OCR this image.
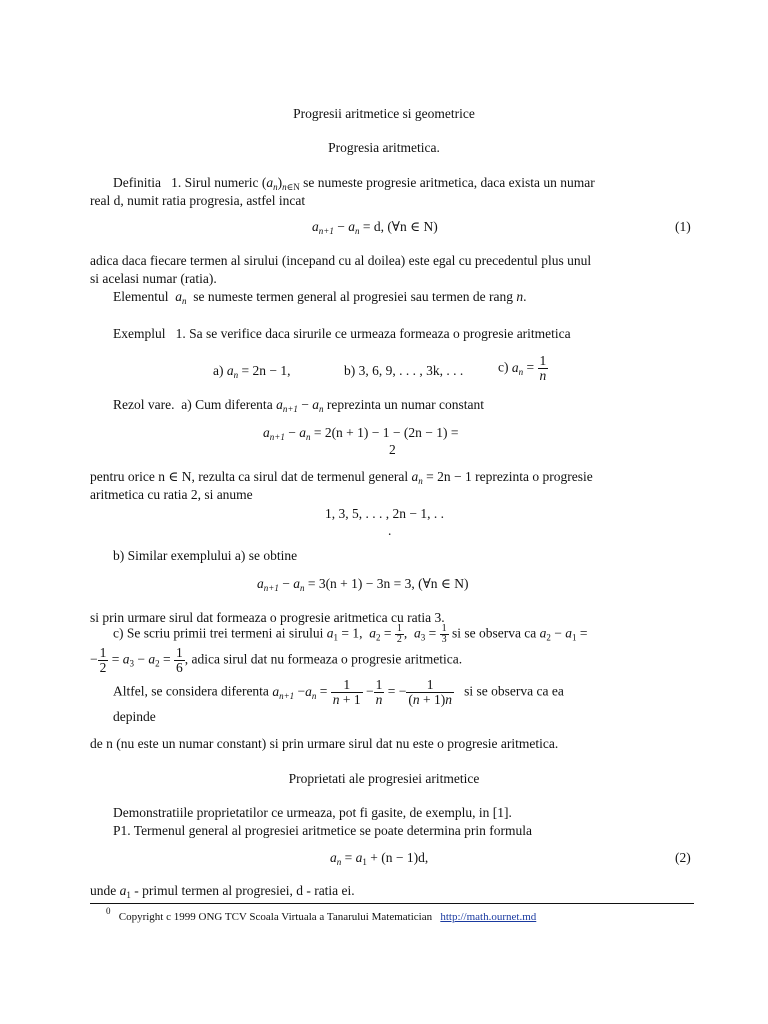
Progresii aritmetice si geometrice
Progresia aritmetica.
Definitia 1. Sirul numeric $(a_n)_{n\in N}$ se numeste progresie aritmetica, daca exista un numar
real d, numit ratia progresia, astfel incat
$a_{n+1} - a_n = d$, (∀n ∈ N)	(1)
adica daca fiecare termen al sirului (incepand cu al doilea) este egal cu precedentul plus unul
si acelasi numar (ratia).
Elementul $a_n$ se numeste termen general al progresiei sau termen de rang n.
Exemplul 1. Sa se verifice daca sirurile ce urmeaza formeaza o progresie aritmetica
a) $a_n = 2n - 1$,	b) 3, 6, 9, . . . , 3k, . . .	c) $a_n = \frac{1}{n}$
Rezol vare. a) Cum diferenta $a_{n+1} - a_n$ reprezinta un numar constant
$a_{n+1} - a_n = 2(n + 1) - 1 - (2n - 1)$ =
2
pentru orice n ∈ N, rezulta ca sirul dat de termenul general $a_n = 2n - 1$ reprezinta o progresie
aritmetica cu ratia 2, si anume
1, 3, 5, . . . , 2n − 1, . .
.
b) Similar exemplului a) se obtine
$a_{n+1} - a_n = 3(n + 1) - 3n = 3$, (∀n ∈ N)
si prin urmare sirul dat formeaza o progresie aritmetica cu ratia 3.
c) Se scriu primii trei termeni ai sirului $a_1 = 1$,  $a_2 = \frac{1}{2}$ ,  $a_3 = \frac{1}{3}$ si se observa ca $a_2 - a_1$ =
− $\frac{1}{2} = a_3 - a_2 = \frac{1}{6}$ , adica sirul dat nu formeaza o progresie aritmetica.
Altfel, se considera diferenta $a_{n+1} -a_n = \frac{1}{n + 1} - \frac{1}{n}$ = − $\frac{1}{(n + 1)n}$ si se observa ca ea
depinde
de n (nu este un numar constant) si prin urmare sirul dat nu este o progresie aritmetica.
Proprietati ale progresiei aritmetice
Demonstratiile proprietatilor ce urmeaza, pot fi gasite, de exemplu, in [1].
P1. Termenul general al progresiei aritmetice se poate determina prin formula
$a_n = a_1 + (n - 1)d$,	(2)
unde $a_1$ - primul termen al progresiei, d - ratia ei.
$^0$ Copyright c 1999 ONG TCV Scoala Virtuala a Tanarului Matematician http://math.ournet.md
